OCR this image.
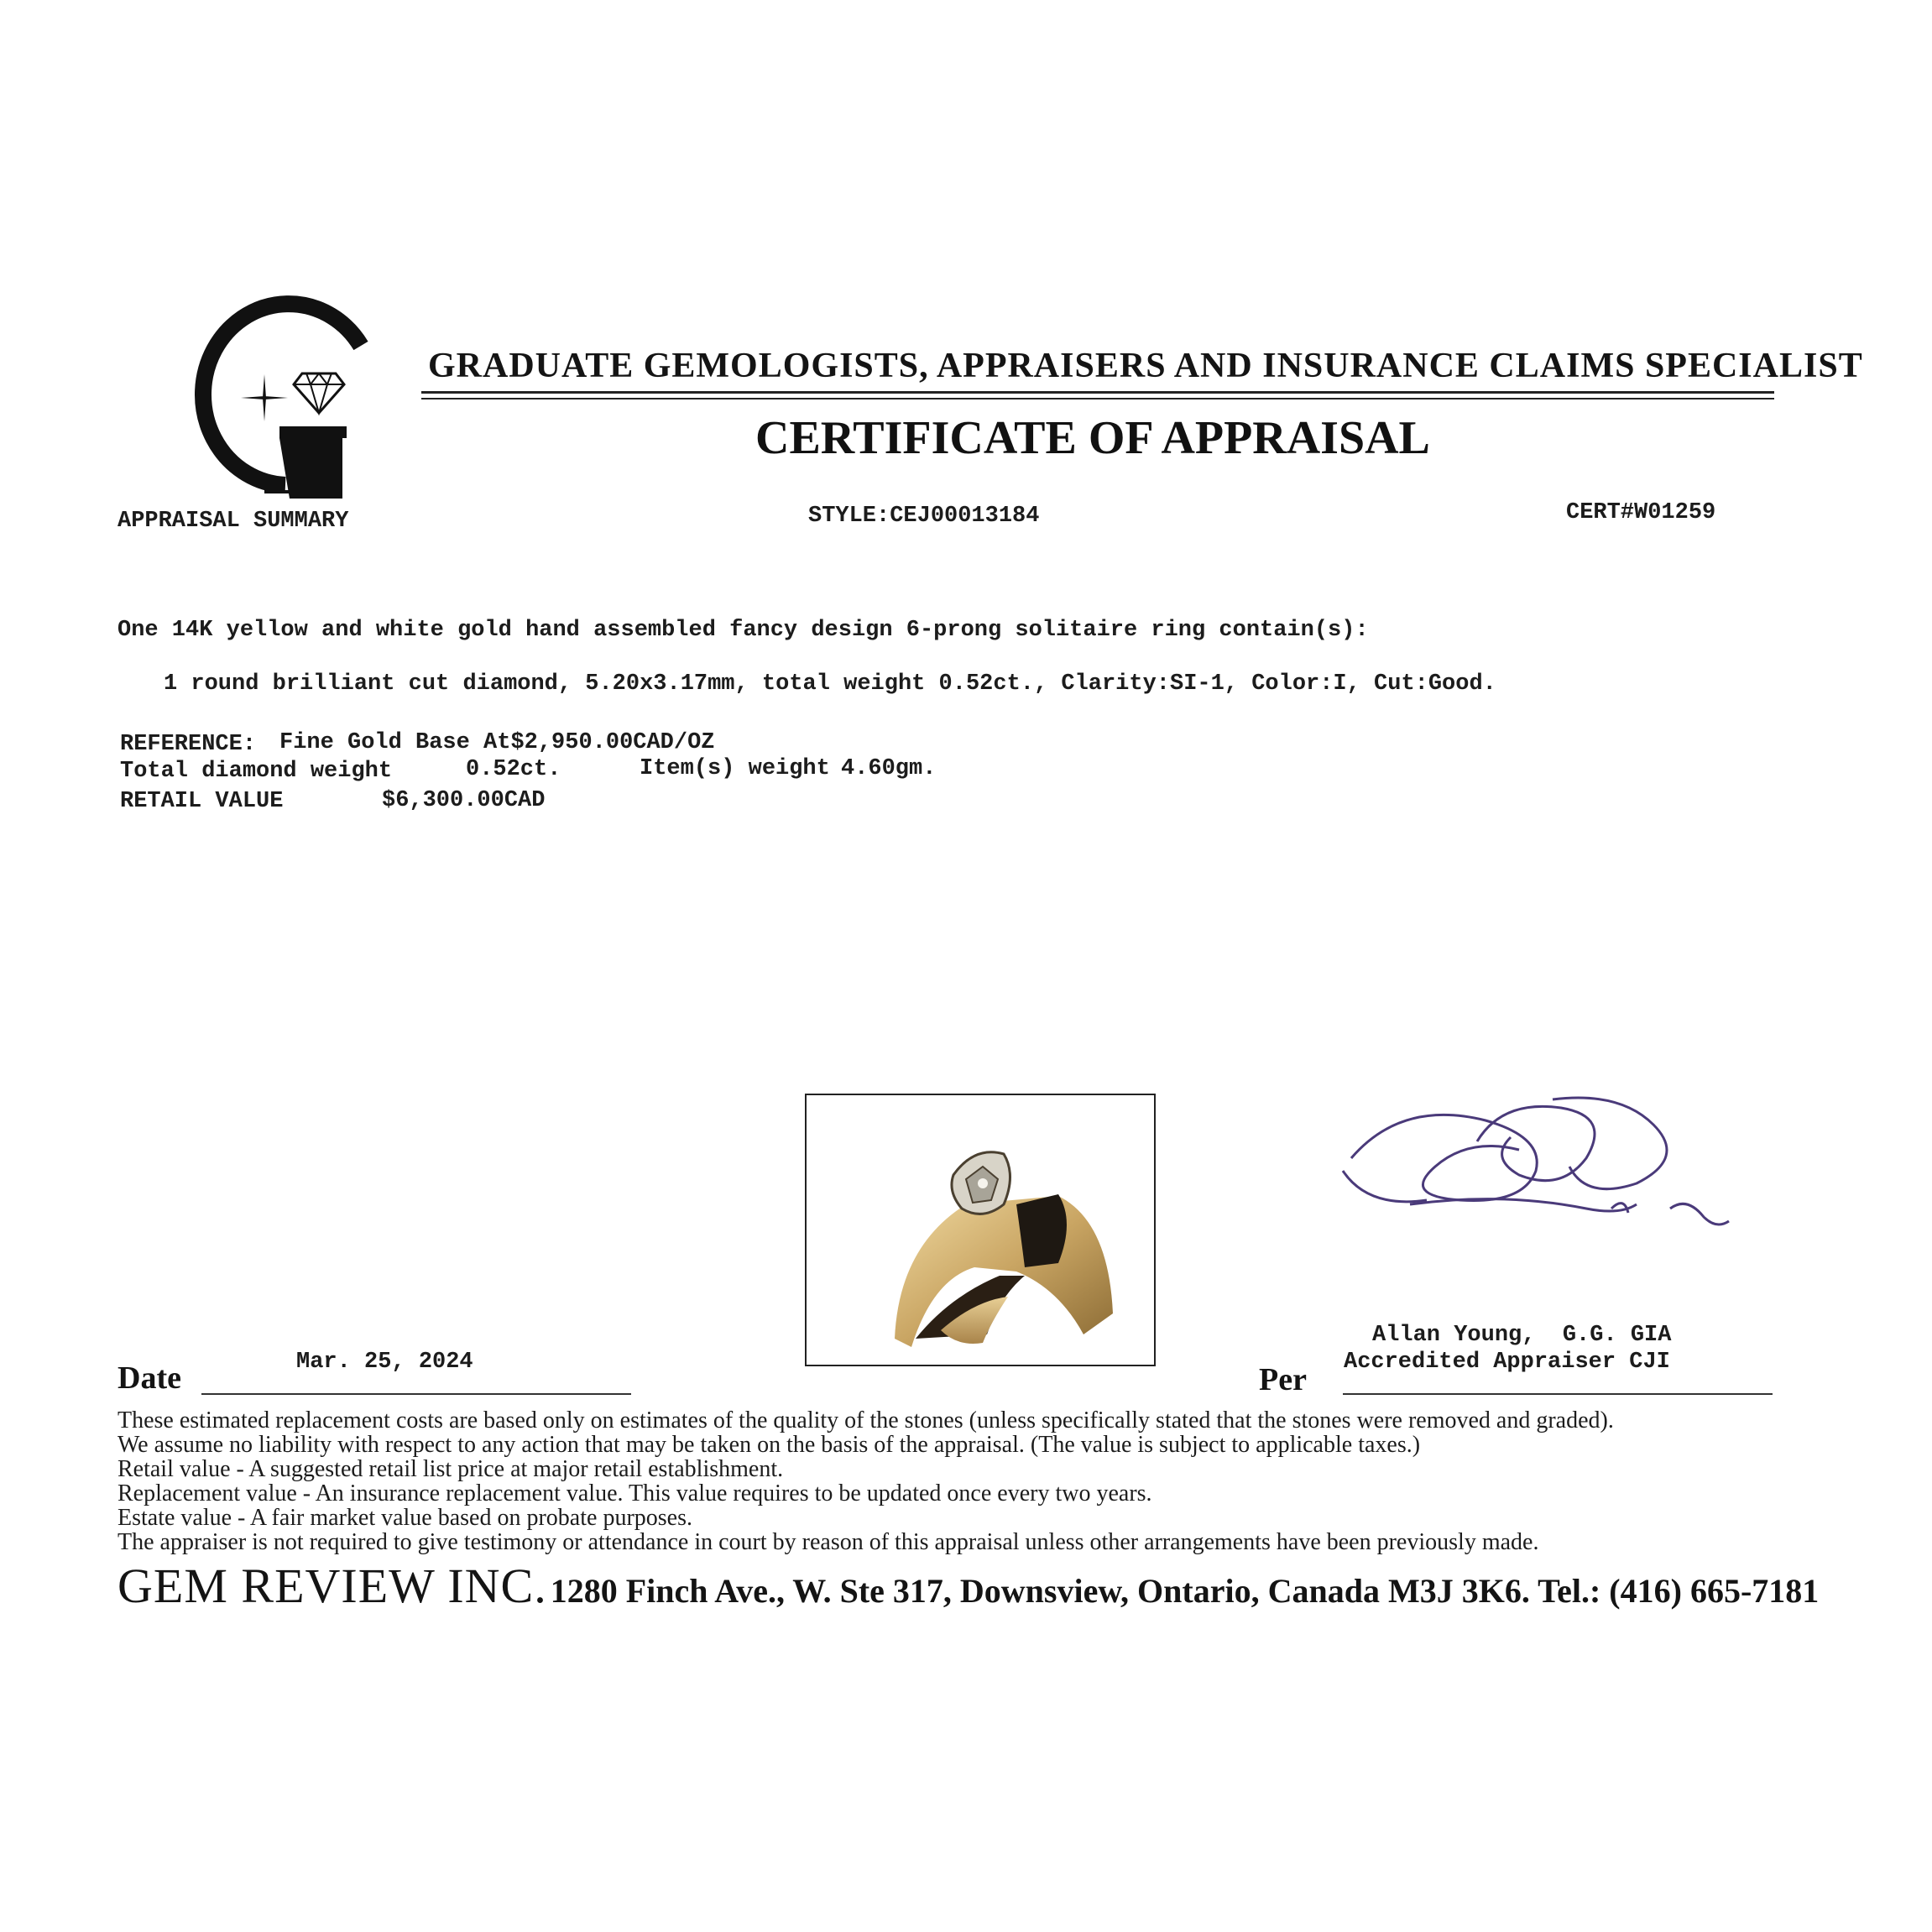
GRADUATE GEMOLOGISTS, APPRAISERS AND INSURANCE CLAIMS SPECIALIST
CERTIFICATE OF APPRAISAL
APPRAISAL SUMMARY	STYLE:CEJ00013184	CERT#W01259
One 14K yellow and white gold hand assembled fancy design 6-prong solitaire ring contain(s):
1 round brilliant cut diamond, 5.20x3.17mm, total weight 0.52ct., Clarity:SI-1, Color:I, Cut:Good.
REFERENCE: Fine Gold Base At$2,950.00CAD/OZ
Total diamond weight	0.52ct.	Item(s) weight 4.60gm.
RETAIL VALUE	$6,300.00CAD
Allan Young,  G.G. GIA
Accredited Appraiser CJI
Date	Mar. 25, 2024	Per
These estimated replacement costs are based only on estimates of the quality of the stones (unless specifically stated that the stones were removed and graded).
We assume no liability with respect to any action that may be taken on the basis of the appraisal. (The value is subject to applicable taxes.)
Retail value - A suggested retail list price at major retail establishment.
Replacement value - An insurance replacement value. This value requires to be updated once every two years.
Estate value - A fair market value based on probate purposes.
The appraiser is not required to give testimony or attendance in court by reason of this appraisal unless other arrangements have been previously made.
GEM REVIEW INC. 1280 Finch Ave., W. Ste 317, Downsview, Ontario, Canada M3J 3K6. Tel.: (416) 665-7181
